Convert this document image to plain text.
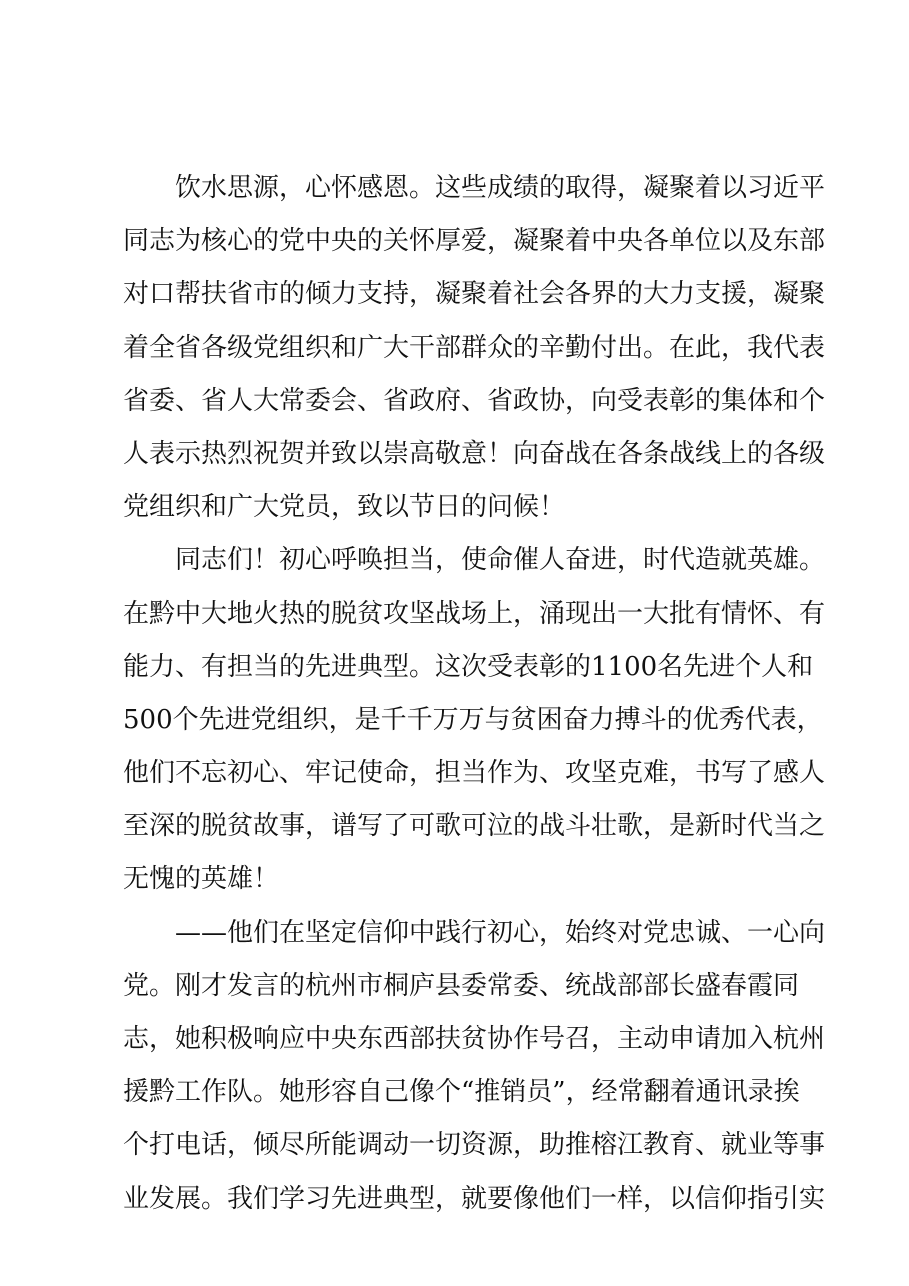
饮水思源，心怀感恩。这些成绩的取得，凝聚着以习近平
同志为核心的党中央的关怀厚爱，凝聚着中央各单位以及东部
对口帮扶省市的倾力支持，凝聚着社会各界的大力支援，凝聚
着全省各级党组织和广大干部群众的辛勤付出。在此，我代表
省委、省人大常委会、省政府、省政协，向受表彰的集体和个
人表示热烈祝贺并致以崇高敬意！向奋战在各条战线上的各级
党组织和广大党员，致以节日的问候！
同志们！初心呼唤担当，使命催人奋进，时代造就英雄。
在黔中大地火热的脱贫攻坚战场上，涌现出一大批有情怀、有
能力、有担当的先进典型。这次受表彰的1100名先进个人和
500个先进党组织，是千千万万与贫困奋力搏斗的优秀代表，
他们不忘初心、牢记使命，担当作为、攻坚克难，书写了感人
至深的脱贫故事，谱写了可歌可泣的战斗壮歌，是新时代当之
无愧的英雄！
——他们在坚定信仰中践行初心，始终对党忠诚、一心向
党。刚才发言的杭州市桐庐县委常委、统战部部长盛春霞同
志，她积极响应中央东西部扶贫协作号召，主动申请加入杭州
援黔工作队。她形容自己像个“推销员”，经常翻着通讯录挨
个打电话，倾尽所能调动一切资源，助推榕江教育、就业等事
业发展。我们学习先进典型，就要像他们一样，以信仰指引实
